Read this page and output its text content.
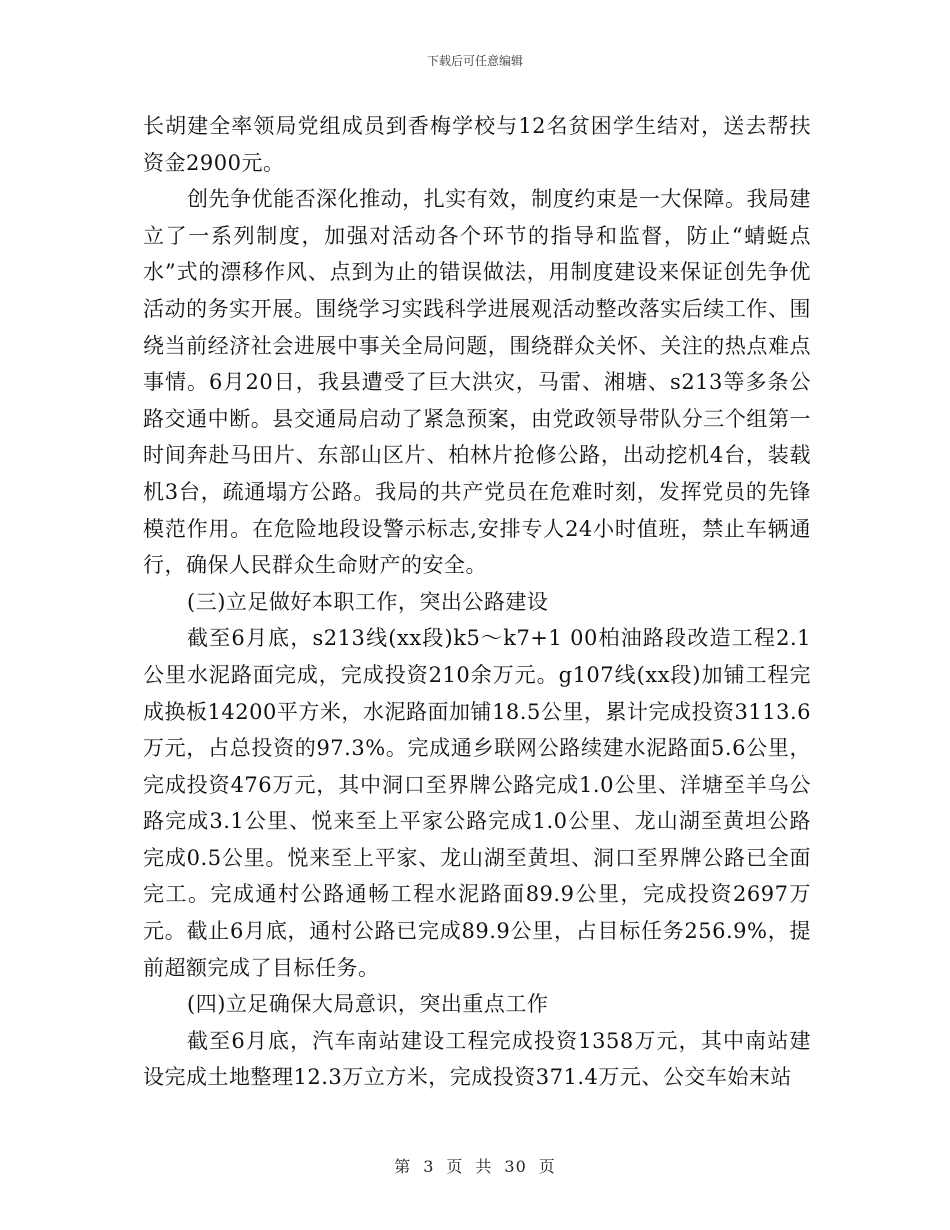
下载后可任意编辑

长胡建全率领局党组成员到香梅学校与12名贫困学生结对，送去帮扶资金2900元。

创先争优能否深化推动，扎实有效，制度约束是一大保障。我局建立了一系列制度，加强对活动各个环节的指导和监督，防止“蜻蜓点水”式的漂移作风、点到为止的错误做法，用制度建设来保证创先争优活动的务实开展。围绕学习实践科学进展观活动整改落实后续工作、围绕当前经济社会进展中事关全局问题，围绕群众关怀、关注的热点难点事情。6月20日，我县遭受了巨大洪灾，马雷、湘塘、s213等多条公路交通中断。县交通局启动了紧急预案，由党政领导带队分三个组第一时间奔赴马田片、东部山区片、柏林片抢修公路，出动挖机4台，装载机3台，疏通塌方公路。我局的共产党员在危难时刻，发挥党员的先锋模范作用。在危险地段设警示标志,安排专人24小时值班，禁止车辆通行，确保人民群众生命财产的安全。

(三)立足做好本职工作，突出公路建设

截至6月底，s213线(xx段)k5～k7+1 00柏油路段改造工程2.1公里水泥路面完成，完成投资210余万元。g107线(xx段)加铺工程完成换板14200平方米，水泥路面加铺18.5公里，累计完成投资3113.6万元，占总投资的97.3%。完成通乡联网公路续建水泥路面5.6公里，完成投资476万元，其中洞口至界牌公路完成1.0公里、洋塘至羊乌公路完成3.1公里、悦来至上平家公路完成1.0公里、龙山湖至黄坦公路完成0.5公里。悦来至上平家、龙山湖至黄坦、洞口至界牌公路已全面完工。完成通村公路通畅工程水泥路面89.9公里，完成投资2697万元。截止6月底，通村公路已完成89.9公里，占目标任务256.9%，提前超额完成了目标任务。

(四)立足确保大局意识，突出重点工作

截至6月底，汽车南站建设工程完成投资1358万元，其中南站建设完成土地整理12.3万立方米，完成投资371.4万元、公交车始末站

第 3 页 共 30 页
